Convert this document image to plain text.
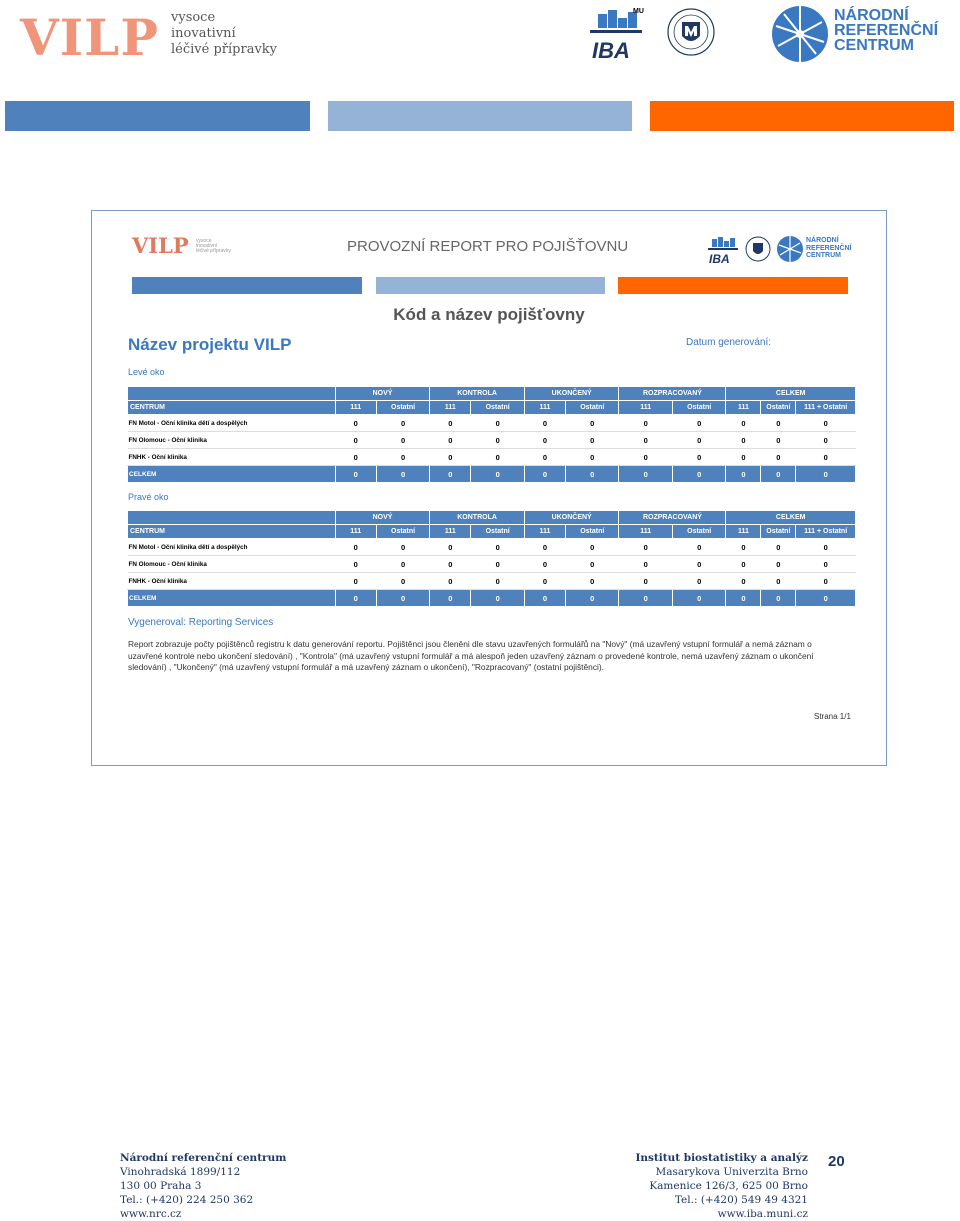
VILP vysoce
inovativní
léčivé přípravky	IBA
MU	NÁRODNÍ
REFERENČNÍ
CENTRUM
VILP vysoce
inovativní
léčivé přípravky	PROVOZNÍ REPORT PRO POJIŠŤOVNU
IBA
NÁRODNÍ
REFERENČNÍ
CENTRUM
Kód a název pojišťovny
Název projektu VILP	Datum generování:
Levé oko
	NOVÝ		KONTROLA		UKONČENÝ		ROZPRACOVANÝ		CELKEM		
CENTRUM	111	Ostatní	111	Ostatní	111	Ostatní	111	Ostatní	111	Ostatní	111 + Ostatní
FN Motol - Oční klinika dětí a dospělých	0	0	0	0	0	0	0	0	0	0	0
FN Olomouc - Oční klinika	0	0	0	0	0	0	0	0	0	0	0
FNHK - Oční klinika	0	0	0	0	0	0	0	0	0	0	0
CELKEM	0	0	0	0	0	0	0	0	0	0	0
Pravé oko
	NOVÝ		KONTROLA		UKONČENÝ		ROZPRACOVANÝ		CELKEM		
CENTRUM	111	Ostatní	111	Ostatní	111	Ostatní	111	Ostatní	111	Ostatní	111 + Ostatní
FN Motol - Oční klinika dětí a dospělých	0	0	0	0	0	0	0	0	0	0	0
FN Olomouc - Oční klinika	0	0	0	0	0	0	0	0	0	0	0
FNHK - Oční klinika	0	0	0	0	0	0	0	0	0	0	0
CELKEM	0	0	0	0	0	0	0	0	0	0	0
Vygeneroval: Reporting Services
Report zobrazuje počty pojištěnců registru k datu generování reportu. Pojištěnci jsou členěni dle stavu uzavřených formulářů na "Nový" (má uzavřený vstupní formulář a nemá záznam o uzavřené kontrole nebo ukončení sledování) , "Kontrola" (má uzavřený vstupní formulář a má alespoň jeden uzavřený záznam o provedené kontrole, nemá uzavřený záznam o ukončení sledování) , "Ukončený" (má uzavřený vstupní formulář a má uzavřený záznam o ukončení), "Rozpracovaný" (ostatní pojištěnci).
Strana 1/1
Národní referenční centrum
Vinohradská 1899/112
130 00 Praha 3
Tel.: (+420) 224 250 362
www.nrc.cz
Institut biostatistiky a analýz
Masarykova Univerzita Brno
Kamenice 126/3, 625 00 Brno
Tel.: (+420) 549 49 4321
www.iba.muni.cz
20
